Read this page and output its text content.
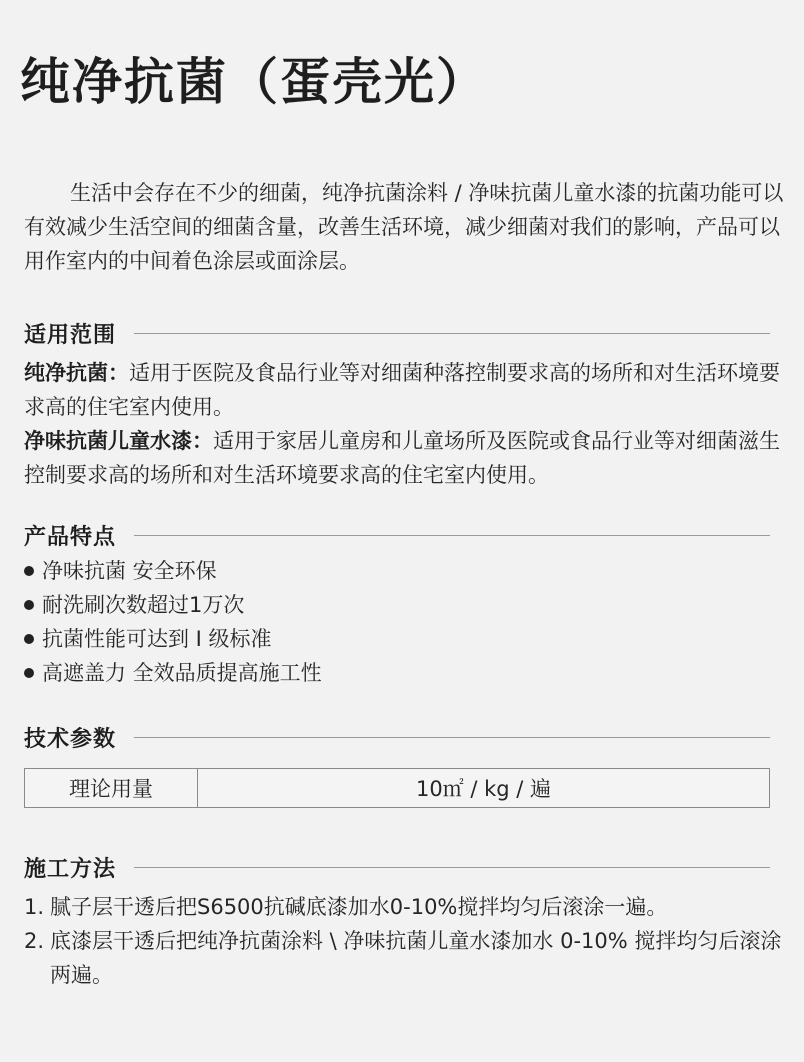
纯净抗菌（蛋壳光）
生活中会存在不少的细菌，纯净抗菌涂料 / 净味抗菌儿童水漆的抗菌功能可以有效减少生活空间的细菌含量，改善生活环境，减少细菌对我们的影响，产品可以用作室内的中间着色涂层或面涂层。
适用范围
纯净抗菌：适用于医院及食品行业等对细菌种落控制要求高的场所和对生活环境要求高的住宅室内使用。
净味抗菌儿童水漆：适用于家居儿童房和儿童场所及医院或食品行业等对细菌滋生控制要求高的场所和对生活环境要求高的住宅室内使用。
产品特点
净味抗菌 安全环保
耐洗刷次数超过1万次
抗菌性能可达到 Ⅰ 级标准
高遮盖力 全效品质提高施工性
技术参数
理论用量	10㎡ / kg / 遍
施工方法
1. 腻子层干透后把S6500抗碱底漆加水0-10%搅拌均匀后滚涂一遍。
2. 底漆层干透后把纯净抗菌涂料 \ 净味抗菌儿童水漆加水 0-10% 搅拌均匀后滚涂两遍。
